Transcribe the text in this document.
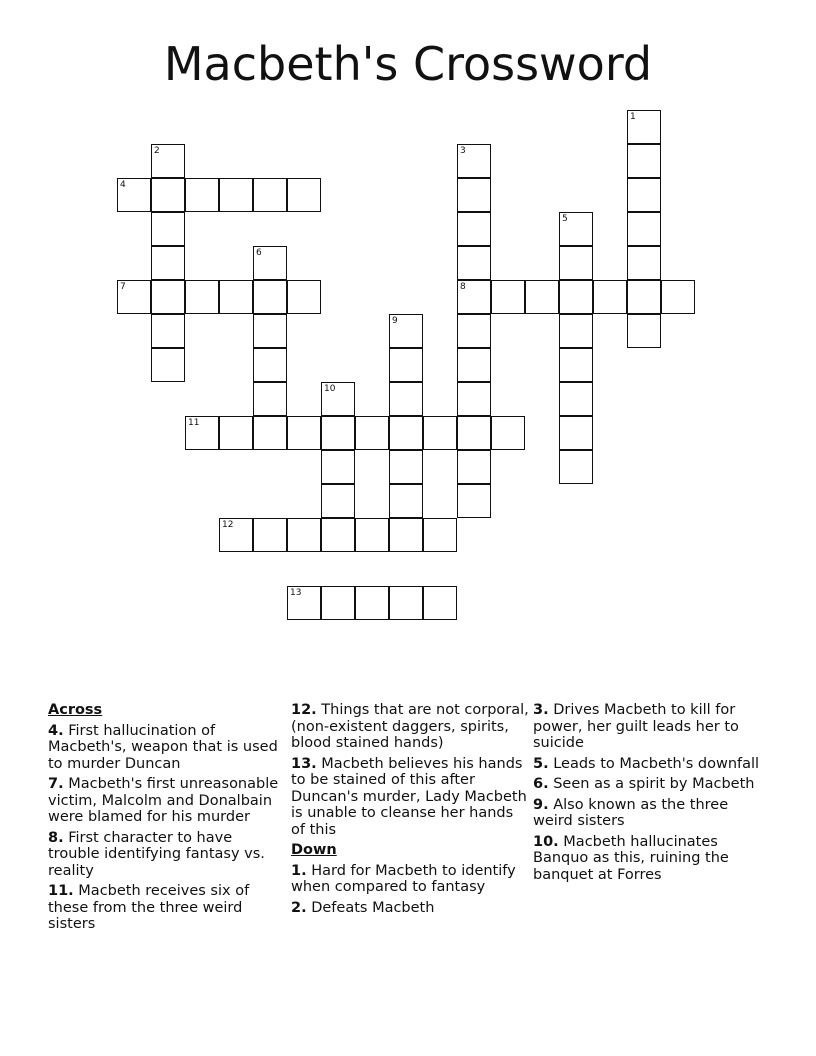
Macbeth's Crossword
1
2	3
8
4
5
6
7
9
10
11
12
13
Across
4. First hallucination of Macbeth's, weapon that is used to murder Duncan
7. Macbeth's first unreasonable victim, Malcolm and Donalbain were blamed for his murder
8. First character to have trouble identifying fantasy vs. reality
11. Macbeth receives six of these from the three weird sisters
12. Things that are not corporal, (non-existent daggers, spirits, blood stained hands)
13. Macbeth believes his hands to be stained of this after Duncan's murder, Lady Macbeth is unable to cleanse her hands of this
Down
1. Hard for Macbeth to identify when compared to fantasy
2. Defeats Macbeth
3. Drives Macbeth to kill for power, her guilt leads her to suicide
5. Leads to Macbeth's downfall
6. Seen as a spirit by Macbeth
9. Also known as the three weird sisters
10. Macbeth hallucinates Banquo as this, ruining the banquet at Forres
